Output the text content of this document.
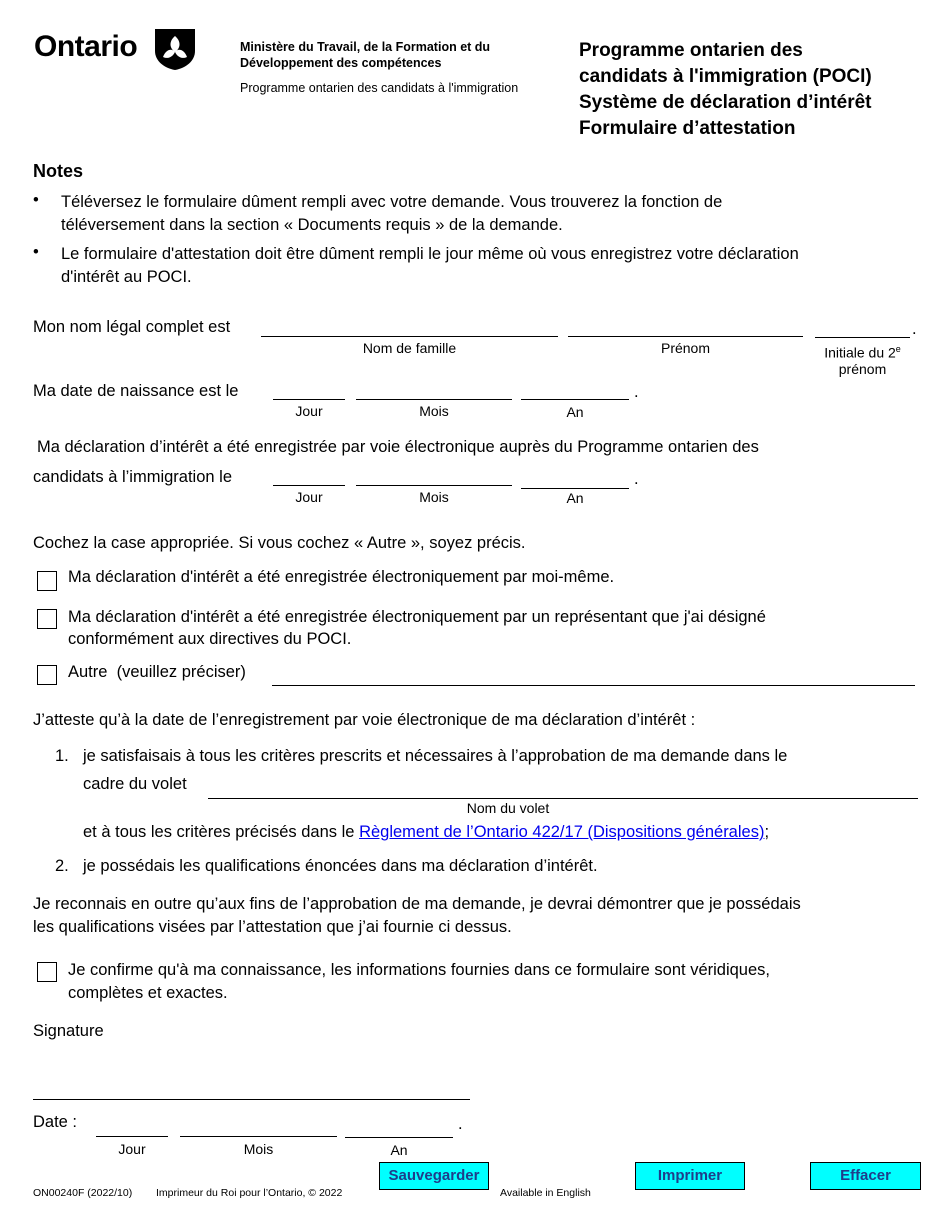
Ontario	Ministère du Travail, de la Formation et du
Développement des compétences
Programme ontarien des candidats à l'immigration
Programme ontarien des
candidats à l'immigration (POCI)
Système de déclaration d’intérêt
Formulaire d’attestation
Notes
• Téléversez le formulaire dûment rempli avec votre demande. Vous trouverez la fonction de
téléversement dans la section « Documents requis » de la demande.
• Le formulaire d'attestation doit être dûment rempli le jour même où vous enregistrez votre déclaration
d'intérêt au POCI.
Mon nom légal complet est	.
Nom de famille	Prénom	Initiale du 2e
prénom
Ma date de naissance est le	.
Jour	Mois	An
Ma déclaration d’intérêt a été enregistrée par voie électronique auprès du Programme ontarien des
candidats à l’immigration le	.
Jour	Mois	An
Cochez la case appropriée. Si vous cochez « Autre », soyez précis.
Ma déclaration d'intérêt a été enregistrée électroniquement par moi-même.
Ma déclaration d'intérêt a été enregistrée électroniquement par un représentant que j'ai désigné
conformément aux directives du POCI.
Autre (veuillez préciser)
J’atteste qu’à la date de l’enregistrement par voie électronique de ma déclaration d’intérêt :
1. je satisfaisais à tous les critères prescrits et nécessaires à l’approbation de ma demande dans le
cadre du volet
Nom du volet
et à tous les critères précisés dans le Règlement de l’Ontario 422/17 (Dispositions générales);
2. je possédais les qualifications énoncées dans ma déclaration d’intérêt.
Je reconnais en outre qu’aux fins de l’approbation de ma demande, je devrai démontrer que je possédais
les qualifications visées par l’attestation que j’ai fournie ci dessus.
Je confirme qu'à ma connaissance, les informations fournies dans ce formulaire sont véridiques,
complètes et exactes.
Signature
Date :	.
Jour	Mois	An
Sauvegarder	Imprimer	Effacer
ON00240F (2022/10) Imprimeur du Roi pour l’Ontario, © 2022	Available in English
